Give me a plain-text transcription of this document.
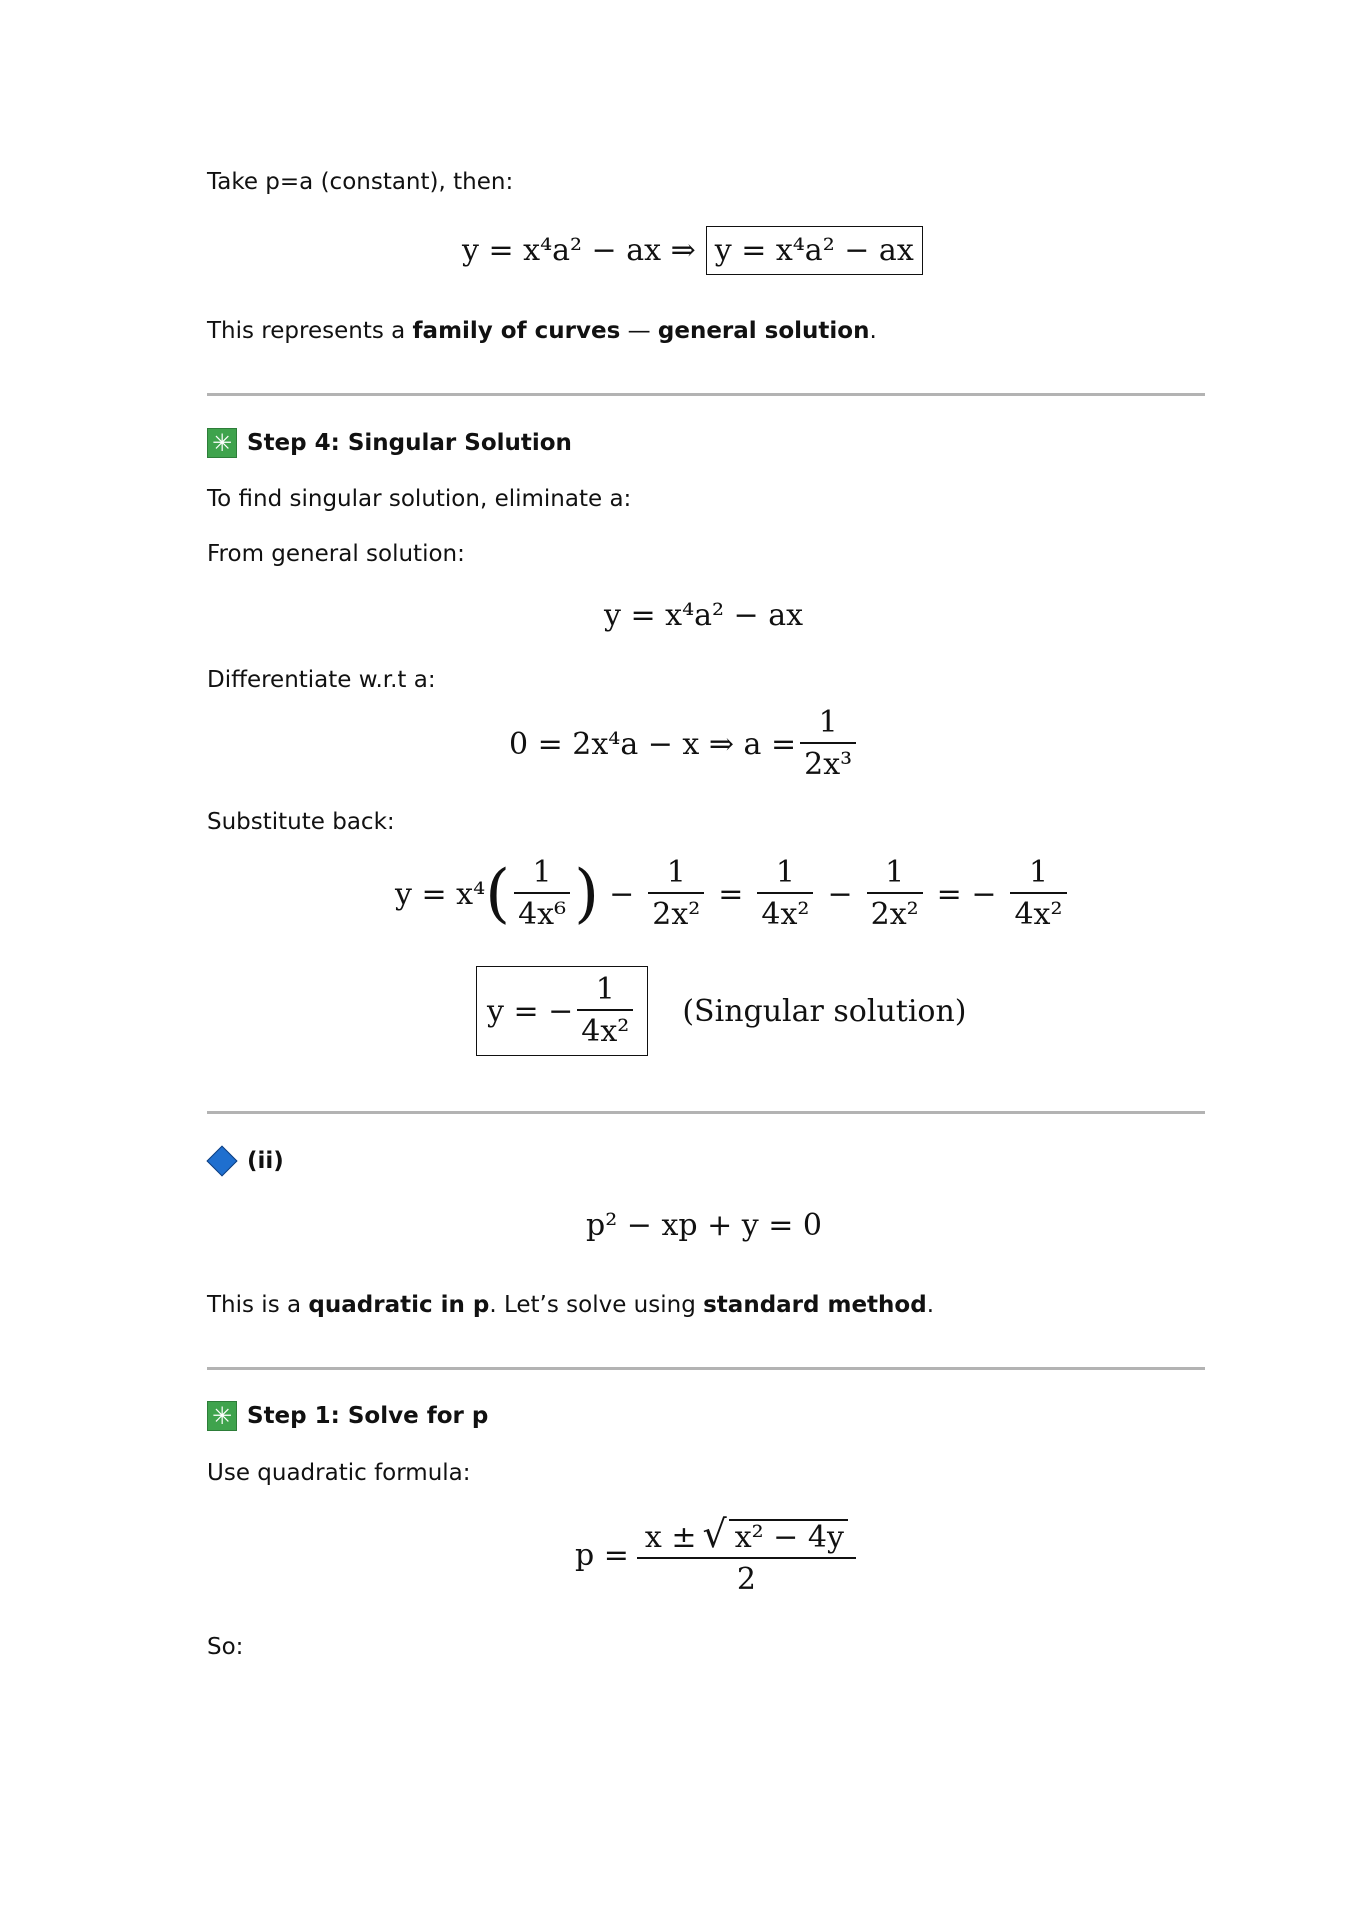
Take p=a (constant), then:
y = x⁴a² − ax ⇒ y = x⁴a² − ax
This represents a family of curves — general solution.
✳ Step 4: Singular Solution
To find singular solution, eliminate a:
From general solution:
y = x⁴a² − ax
Differentiate w.r.t a:
0 = 2x⁴a − x ⇒ $a = \frac{1}{\text{2x³}}$
Substitute back:
y = x⁴ ( $\frac{1}{\text{4x⁶}}$ ) − $\frac{1}{\text{2x²}} = \frac{1}{\text{4x²}} - \frac{1}{\text{2x²}}$ = − $\frac{1}{\text{4x²}}$
y = − $\frac{1}{\text{4x²}}$ (Singular solution)
(ii)
p² − xp + y = 0
This is a quadratic in p. Let’s solve using standard method.
✳ Step 1: Solve for p
Use quadratic formula:
$p = \frac{\text{x ± √ x² − 4y}}{2}$
So:
